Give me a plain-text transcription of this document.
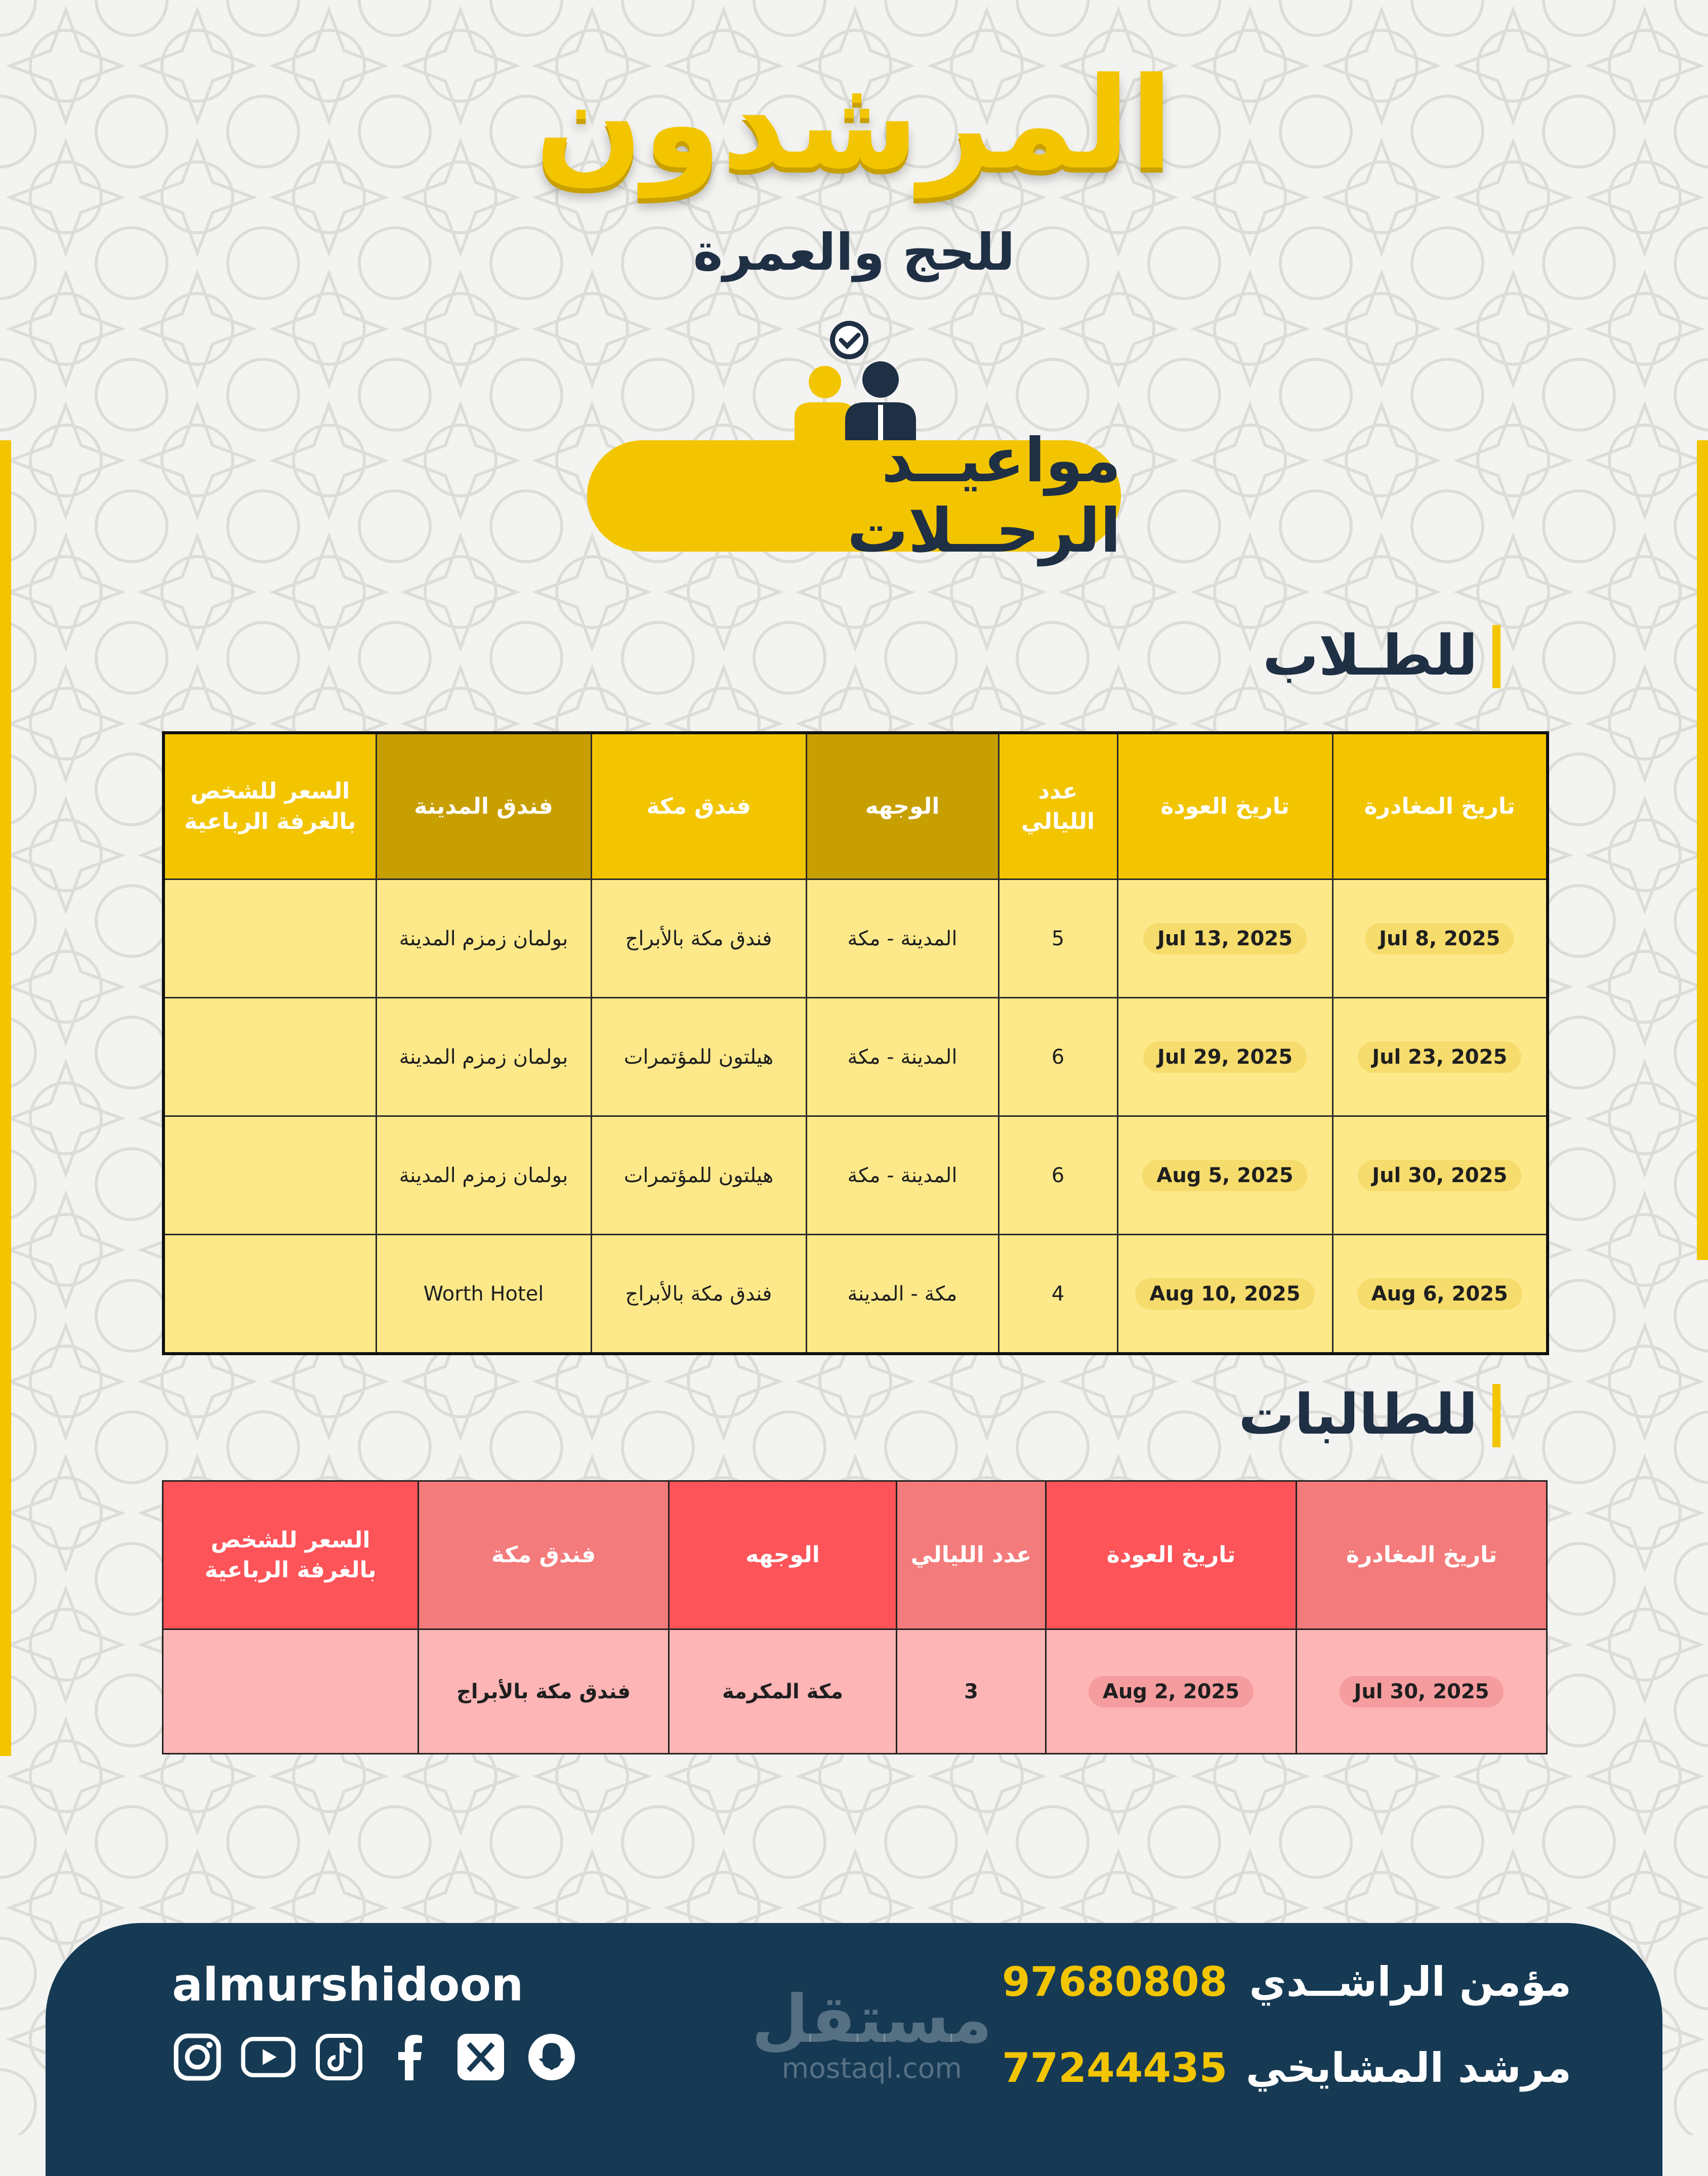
المرشدون
للحج والعمرة
مواعيــد الرحــلات
للطـلاب
تاريخ المغادرة	تاريخ العودة	عدد الليالي	الوجهه	فندق مكة	فندق المدينة	السعر للشخص بالغرفة الرباعية
Jul 8, 2025	Jul 13, 2025	5	المدينة - مكة	فندق مكة بالأبراج	بولمان زمزم المدينة	
Jul 23, 2025	Jul 29, 2025	6	المدينة - مكة	هيلتون للمؤتمرات	بولمان زمزم المدينة	
Jul 30, 2025	Aug 5, 2025	6	المدينة - مكة	هيلتون للمؤتمرات	بولمان زمزم المدينة	
Aug 6, 2025	Aug 10, 2025	4	مكة - المدينة	فندق مكة بالأبراج	Worth Hotel	
للطالبات
تاريخ المغادرة	تاريخ العودة	عدد الليالي	الوجهه	فندق مكة	السعر للشخص بالغرفة الرباعية
Jul 30, 2025	Aug 2, 2025	3	مكة المكرمة	فندق مكة بالأبراج	
almurshidoon	مستقل
mostaql.com
97680808
77244435
مؤمن الراشــدي
مرشد المشايخي
